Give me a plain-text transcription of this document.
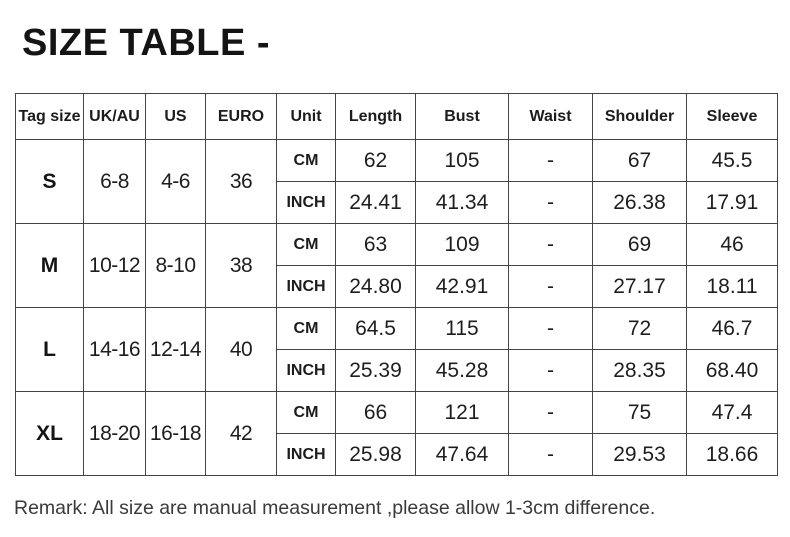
SIZE TABLE -
Tag size	UK/AU	US	EURO	Unit	Length	Bust	Waist	Shoulder	Sleeve
S	6-8	4-6	36	CM	62	105	-	67	45.5
				INCH	24.41	41.34	-	26.38	17.91
M	10-12	8-10	38	CM	63	109	-	69	46
				INCH	24.80	42.91	-	27.17	18.11
L	14-16	12-14	40	CM	64.5	115	-	72	46.7
				INCH	25.39	45.28	-	28.35	68.40
XL	18-20	16-18	42	CM	66	121	-	75	47.4
				INCH	25.98	47.64	-	29.53	18.66
Remark: All size are manual measurement ,please allow 1-3cm difference.
